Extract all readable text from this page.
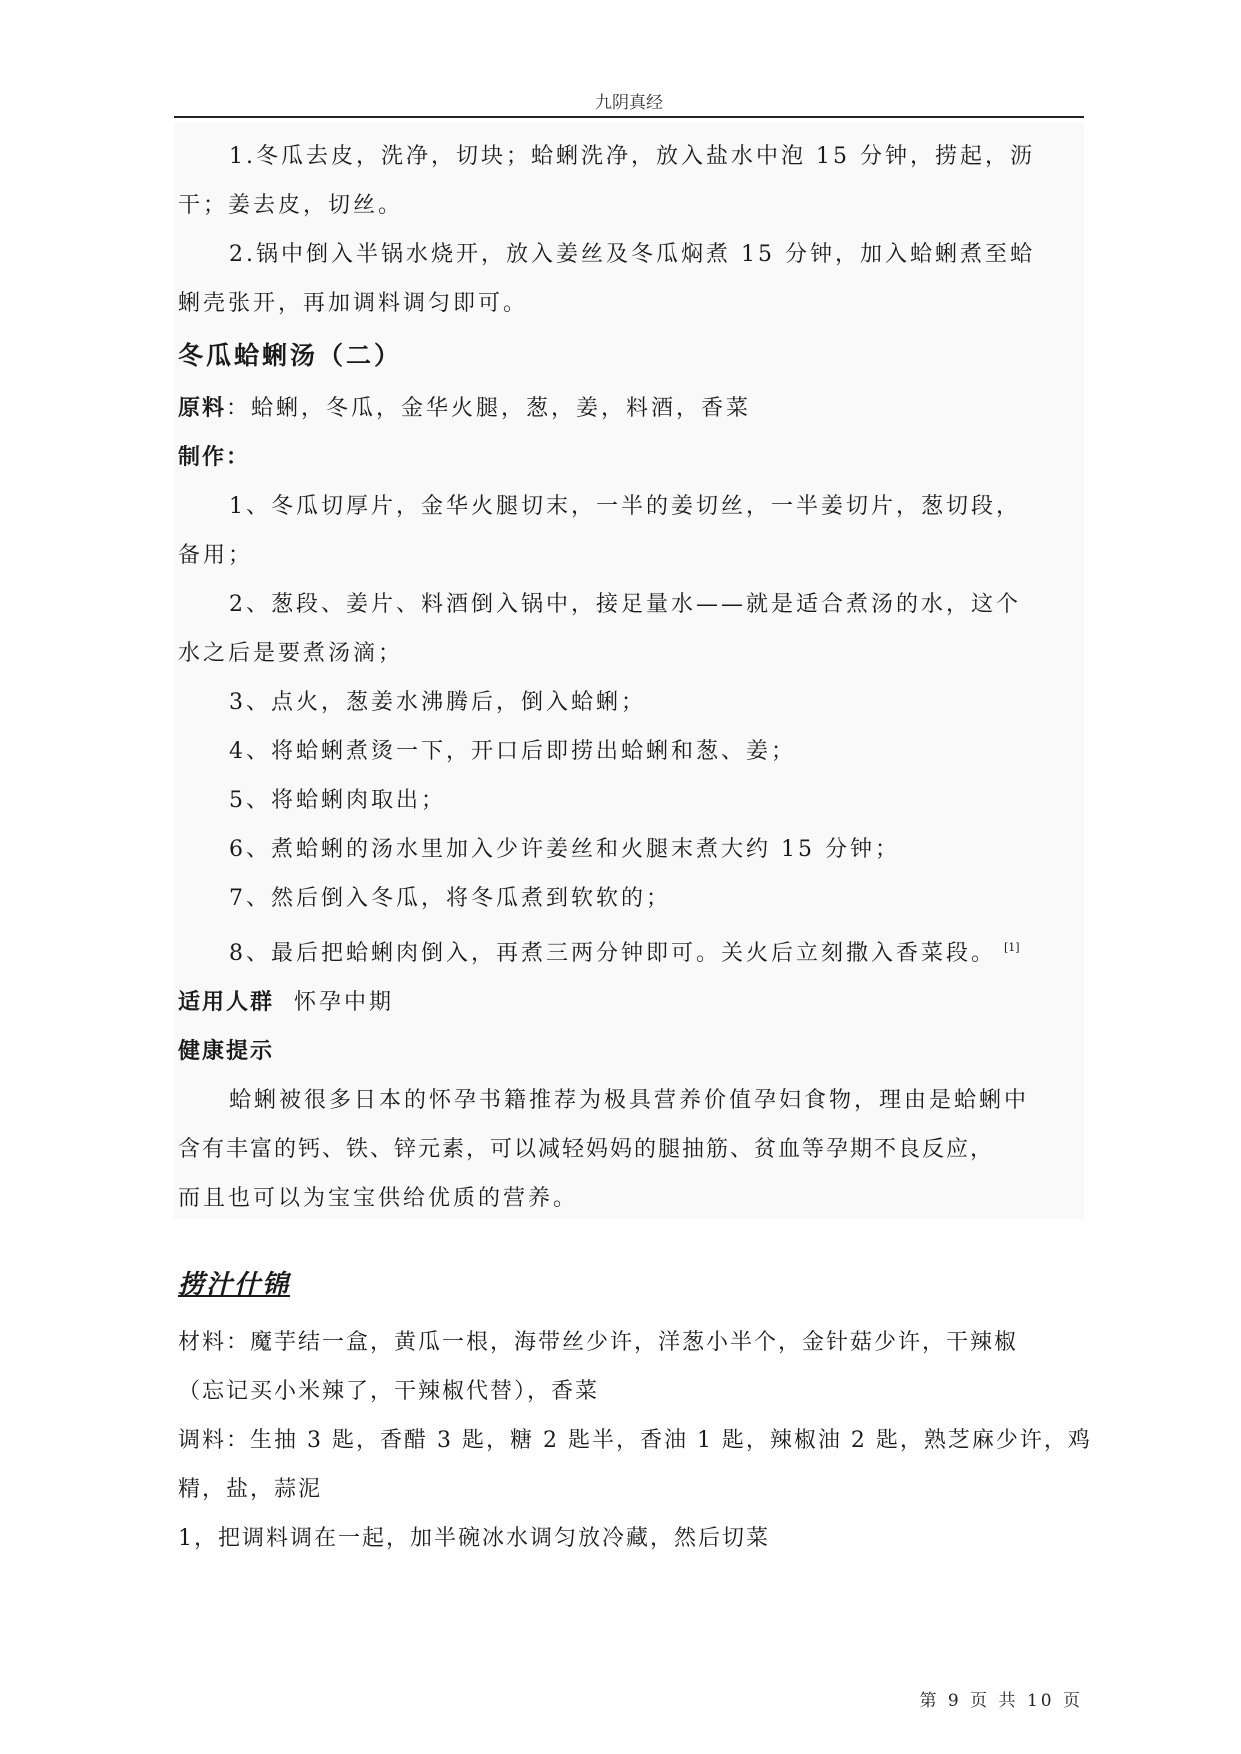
九阴真经

1.冬瓜去皮，洗净，切块；蛤蜊洗净，放入盐水中泡 15 分钟，捞起，沥

干；姜去皮，切丝。

2.锅中倒入半锅水烧开，放入姜丝及冬瓜焖煮 15 分钟，加入蛤蜊煮至蛤

蜊壳张开，再加调料调匀即可。

冬瓜蛤蜊汤（二）

原料：蛤蜊，冬瓜，金华火腿，葱，姜，料酒，香菜

制作：

1、冬瓜切厚片，金华火腿切末，一半的姜切丝，一半姜切片，葱切段，

备用；

2、葱段、姜片、料酒倒入锅中，接足量水——就是适合煮汤的水，这个

水之后是要煮汤滴；

3、点火，葱姜水沸腾后，倒入蛤蜊；

4、将蛤蜊煮烫一下，开口后即捞出蛤蜊和葱、姜；

5、将蛤蜊肉取出；

6、煮蛤蜊的汤水里加入少许姜丝和火腿末煮大约 15 分钟；

7、然后倒入冬瓜，将冬瓜煮到软软的；

8、最后把蛤蜊肉倒入，再煮三两分钟即可。关火后立刻撒入香菜段。 [1]

适用人群 怀孕中期

健康提示

蛤蜊被很多日本的怀孕书籍推荐为极具营养价值孕妇食物，理由是蛤蜊中

含有丰富的钙、铁、锌元素，可以减轻妈妈的腿抽筋、贫血等孕期不良反应，

而且也可以为宝宝供给优质的营养。

捞汁什锦

材料：魔芋结一盒，黄瓜一根，海带丝少许，洋葱小半个，金针菇少许，干辣椒

（忘记买小米辣了，干辣椒代替），香菜

调料：生抽 3 匙，香醋 3 匙，糖 2 匙半，香油 1 匙，辣椒油 2 匙，熟芝麻少许，鸡

精，盐，蒜泥

1，把调料调在一起，加半碗冰水调匀放冷藏，然后切菜

第 9 页 共 10 页
